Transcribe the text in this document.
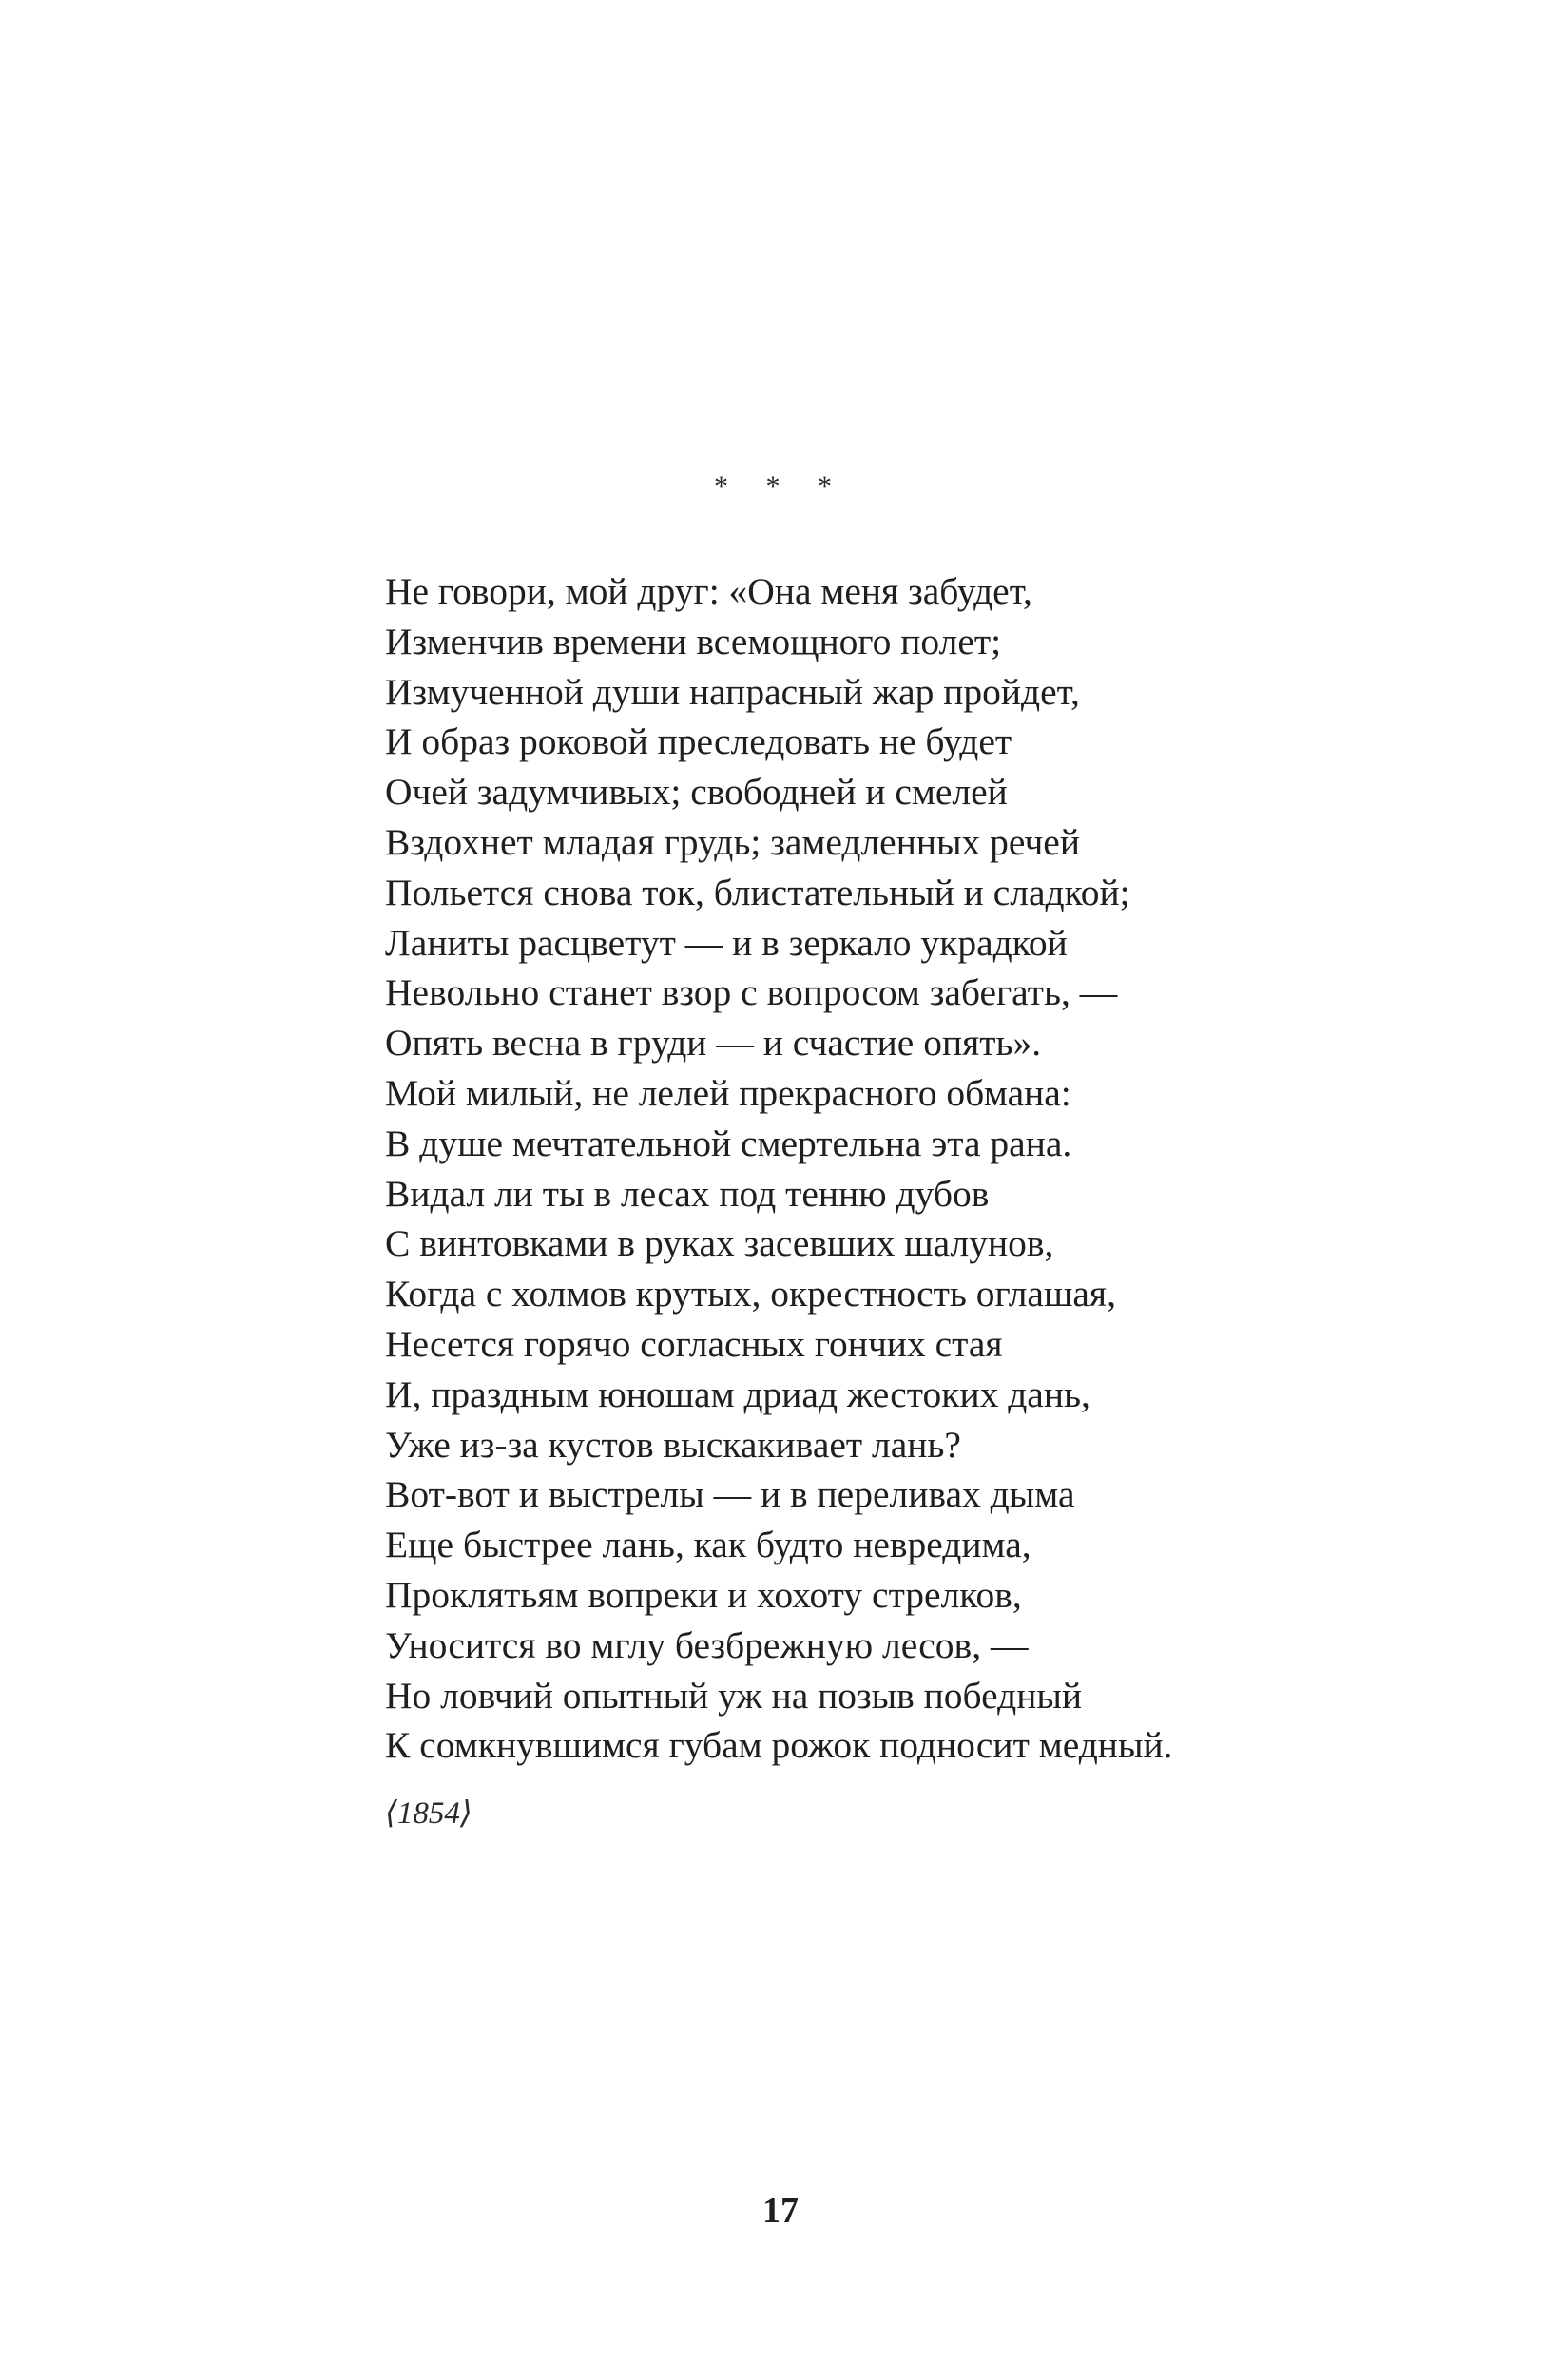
* * *
Не говори, мой друг: «Она меня забудет,
Изменчив времени всемощного полет;
Измученной души напрасный жар пройдет,
И образ роковой преследовать не будет
Очей задумчивых; свободней и смелей
Вздохнет младая грудь; замедленных речей
Польется снова ток, блистательный и сладкой;
Ланиты расцветут — и в зеркало украдкой
Невольно станет взор с вопросом забегать, —
Опять весна в груди — и счастие опять».
Мой милый, не лелей прекрасного обмана:
В душе мечтательной смертельна эта рана.
Видал ли ты в лесах под тенню дубов
С винтовками в руках засевших шалунов,
Когда с холмов крутых, окрестность оглашая,
Несется горячо согласных гончих стая
И, праздным юношам дриад жестоких дань,
Уже из-за кустов выскакивает лань?
Вот-вот и выстрелы — и в переливах дыма
Еще быстрее лань, как будто невредима,
Проклятьям вопреки и хохоту стрелков,
Уносится во мглу безбрежную лесов, —
Но ловчий опытный уж на позыв победный
К сомкнувшимся губам рожок подносит медный.
⟨1854⟩
17
